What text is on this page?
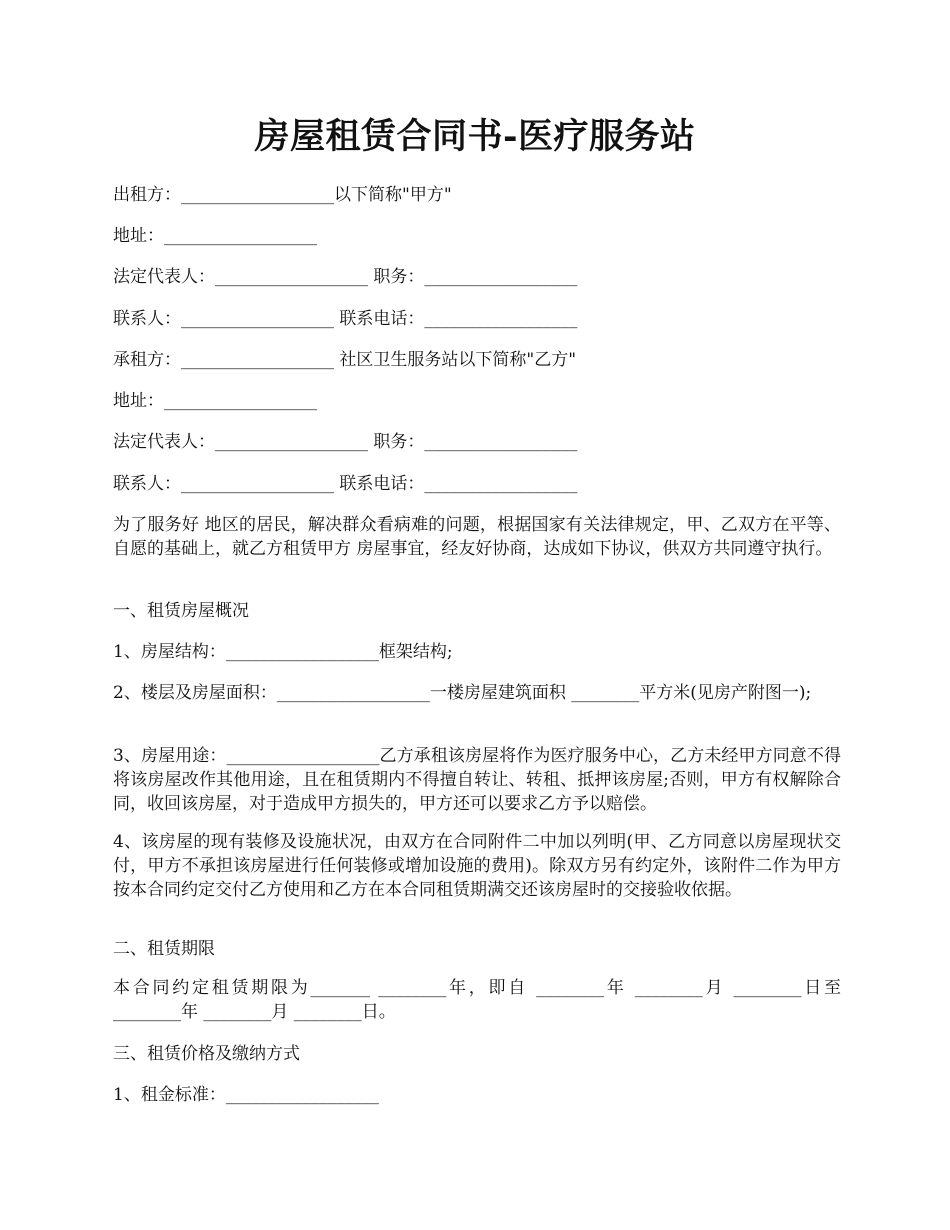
房屋租赁合同书-医疗服务站
出租方：__________________以下简称"甲方"
地址：__________________
法定代表人：__________________ 职务：__________________
联系人：__________________ 联系电话：__________________
承租方：__________________ 社区卫生服务站以下简称"乙方"
地址：__________________
法定代表人：__________________ 职务：__________________
联系人：__________________ 联系电话：__________________
为了服务好 地区的居民，解决群众看病难的问题，根据国家有关法律规定，甲、乙双方在平等、自愿的基础上，就乙方租赁甲方 房屋事宜，经友好协商，达成如下协议，供双方共同遵守执行。
一、租赁房屋概况
1、房屋结构：__________________框架结构;
2、楼层及房屋面积：__________________一楼房屋建筑面积 ________平方米(见房产附图一);
3、房屋用途：__________________乙方承租该房屋将作为医疗服务中心，乙方未经甲方同意不得将该房屋改作其他用途，且在租赁期内不得擅自转让、转租、抵押该房屋;否则，甲方有权解除合同，收回该房屋，对于造成甲方损失的，甲方还可以要求乙方予以赔偿。
4、该房屋的现有装修及设施状况，由双方在合同附件二中加以列明(甲、乙方同意以房屋现状交付，甲方不承担该房屋进行任何装修或增加设施的费用)。除双方另有约定外，该附件二作为甲方按本合同约定交付乙方使用和乙方在本合同租赁期满交还该房屋时的交接验收依据。
二、租赁期限
本合同约定租赁期限为_______ ________年，即自 ________年 ________月 ________日至 ________年 ________月 ________日。
三、租赁价格及缴纳方式
1、租金标准：__________________
